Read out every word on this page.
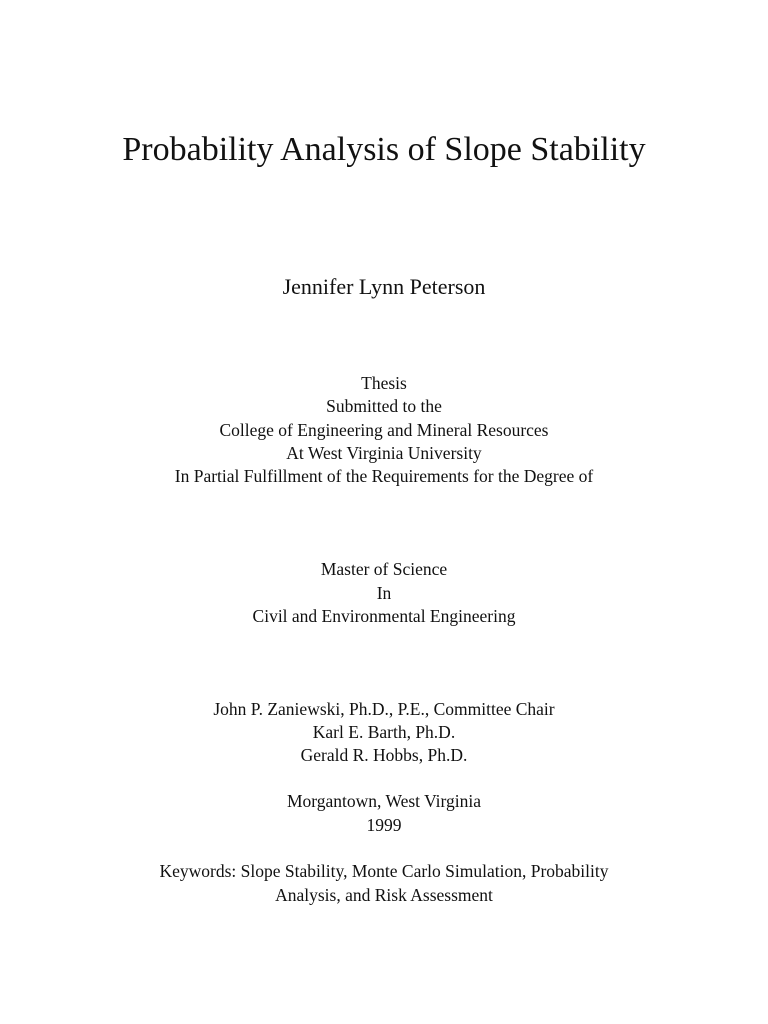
Probability Analysis of Slope Stability
Jennifer Lynn Peterson
Thesis
Submitted to the
College of Engineering and Mineral Resources
At West Virginia University
In Partial Fulfillment of the Requirements for the Degree of
Master of Science
In
Civil and Environmental Engineering
John P. Zaniewski, Ph.D., P.E., Committee Chair
Karl E. Barth, Ph.D.
Gerald R. Hobbs, Ph.D.
Morgantown, West Virginia
1999
Keywords: Slope Stability, Monte Carlo Simulation, Probability
Analysis, and Risk Assessment
